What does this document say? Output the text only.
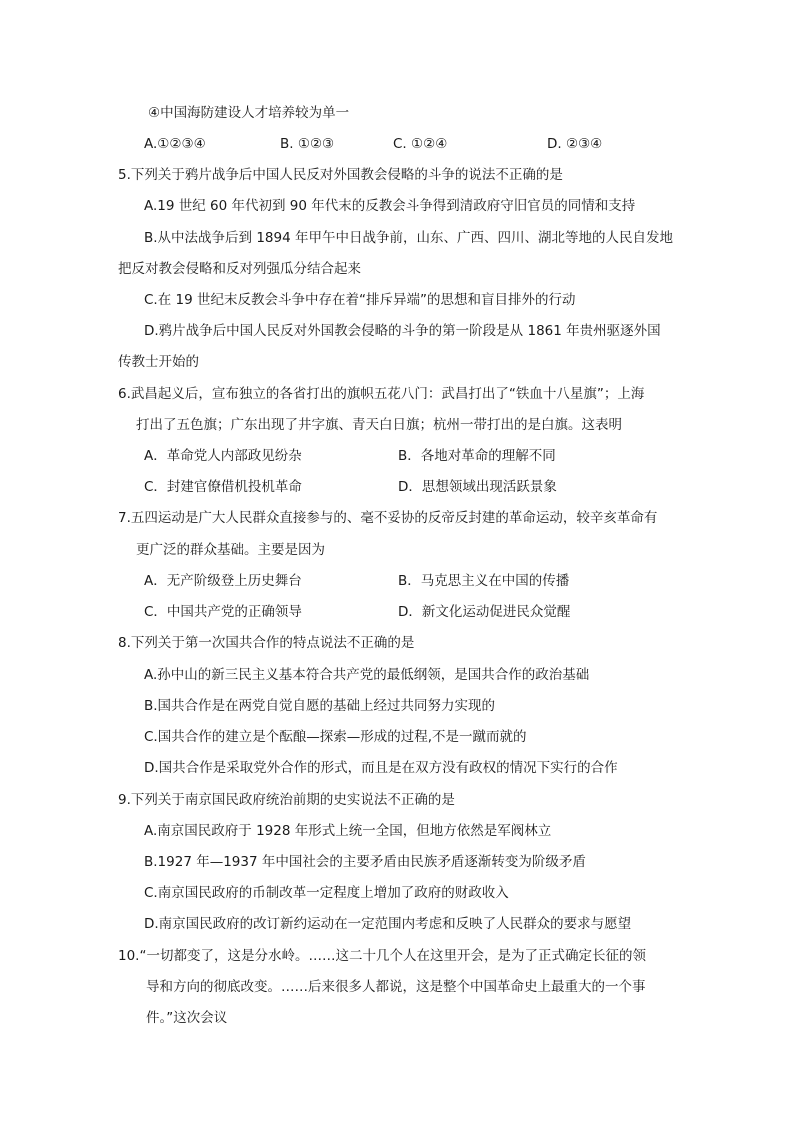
④中国海防建设人才培养较为单一
A.①②③④	B. ①②③	C. ①②④	D. ②③④
5.下列关于鸦片战争后中国人民反对外国教会侵略的斗争的说法不正确的是
A.19 世纪 60 年代初到 90 年代末的反教会斗争得到清政府守旧官员的同情和支持
B.从中法战争后到 1894 年甲午中日战争前，山东、广西、四川、湖北等地的人民自发地
把反对教会侵略和反对列强瓜分结合起来
C.在 19 世纪末反教会斗争中存在着“排斥异端”的思想和盲目排外的行动
D.鸦片战争后中国人民反对外国教会侵略的斗争的第一阶段是从 1861 年贵州驱逐外国
传教士开始的
6.武昌起义后，宣布独立的各省打出的旗帜五花八门：武昌打出了“铁血十八星旗”；上海
打出了五色旗；广东出现了井字旗、青天白日旗；杭州一带打出的是白旗。这表明
A．革命党人内部政见纷杂	B．各地对革命的理解不同
C．封建官僚借机投机革命	D．思想领域出现活跃景象
7.五四运动是广大人民群众直接参与的、毫不妥协的反帝反封建的革命运动，较辛亥革命有
更广泛的群众基础。主要是因为
A．无产阶级登上历史舞台	B．马克思主义在中国的传播
C．中国共产党的正确领导	D．新文化运动促进民众觉醒
8.下列关于第一次国共合作的特点说法不正确的是
A.孙中山的新三民主义基本符合共产党的最低纲领，是国共合作的政治基础
B.国共合作是在两党自觉自愿的基础上经过共同努力实现的
C.国共合作的建立是个酝酿—探索—形成的过程,不是一蹴而就的
D.国共合作是采取党外合作的形式，而且是在双方没有政权的情况下实行的合作
9.下列关于南京国民政府统治前期的史实说法不正确的是
A.南京国民政府于 1928 年形式上统一全国，但地方依然是军阀林立
B.1927 年—1937 年中国社会的主要矛盾由民族矛盾逐渐转变为阶级矛盾
C.南京国民政府的币制改革一定程度上增加了政府的财政收入
D.南京国民政府的改订新约运动在一定范围内考虑和反映了人民群众的要求与愿望
10.“一切都变了，这是分水岭。……这二十几个人在这里开会，是为了正式确定长征的领
导和方向的彻底改变。……后来很多人都说，这是整个中国革命史上最重大的一个事
件。”这次会议
